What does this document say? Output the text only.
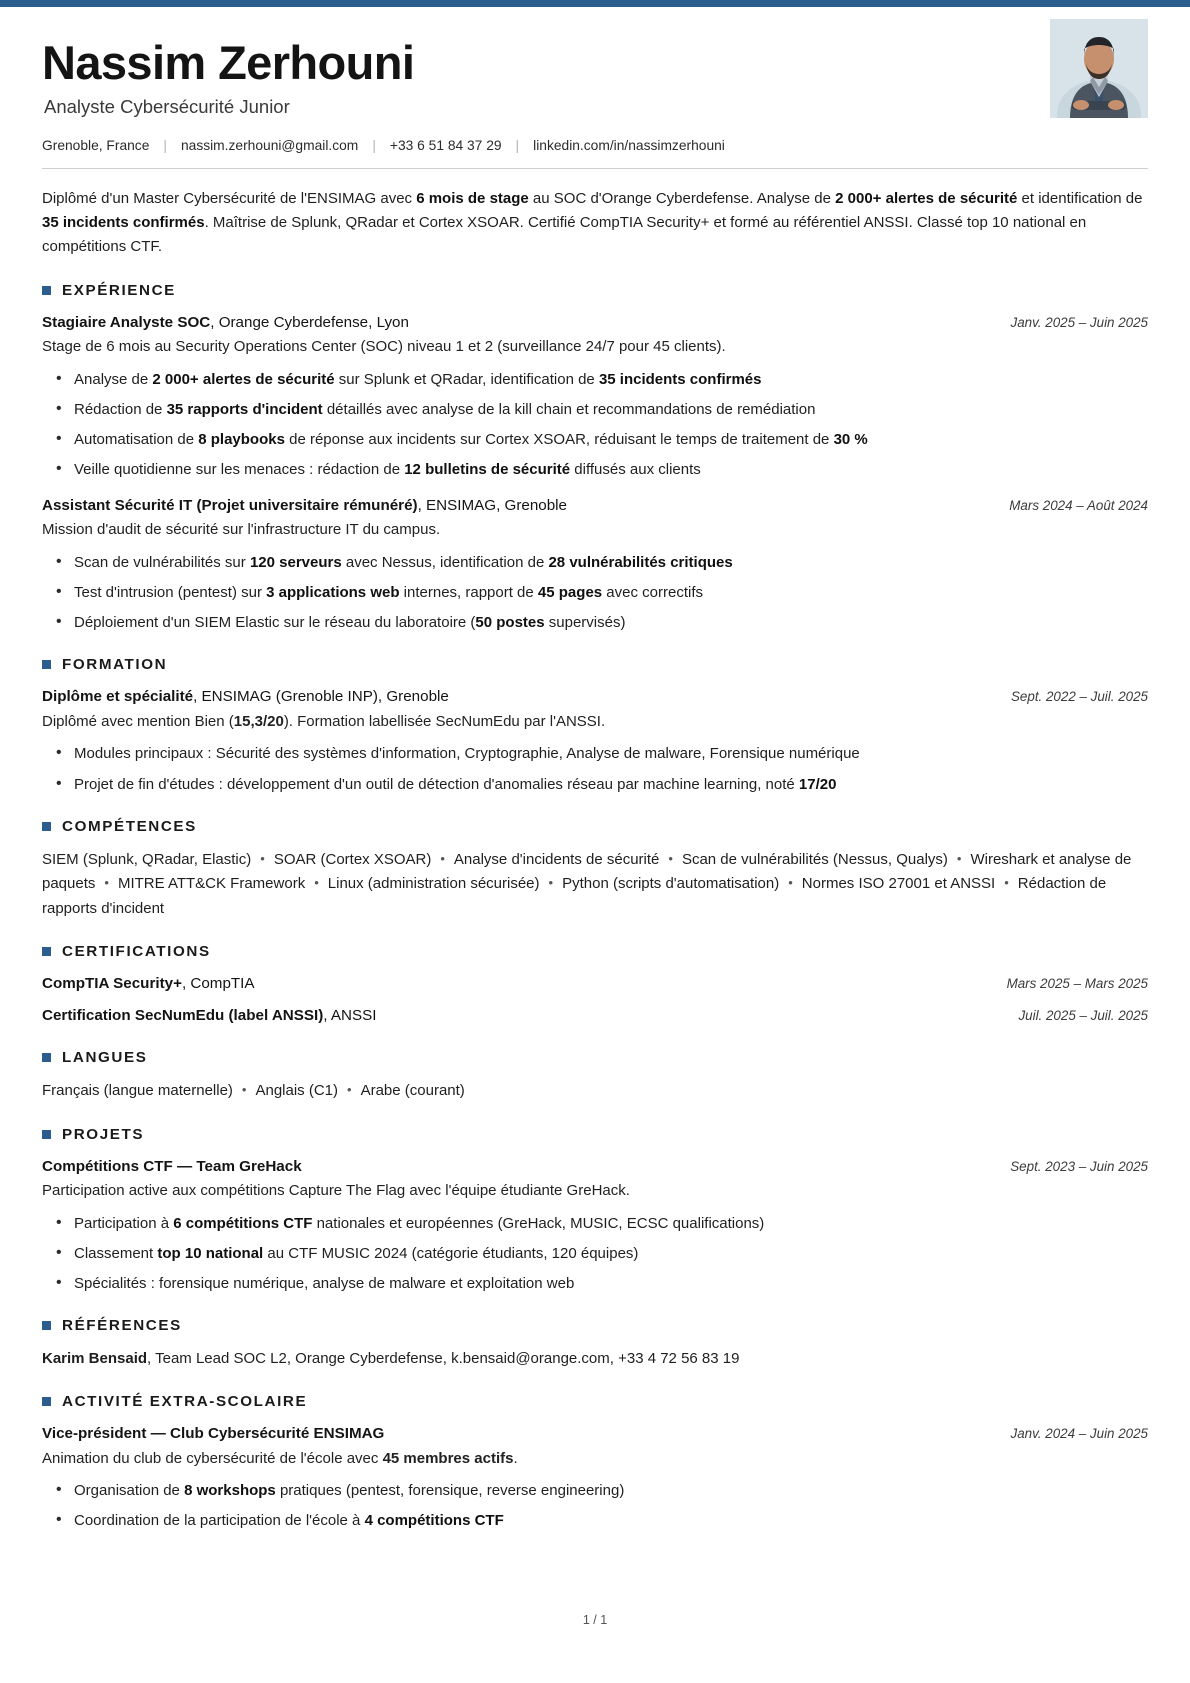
Nassim Zerhouni
Analyste Cybersécurité Junior
Grenoble, France | nassim.zerhouni@gmail.com | +33 6 51 84 37 29 | linkedin.com/in/nassimzerhouni
Diplômé d'un Master Cybersécurité de l'ENSIMAG avec 6 mois de stage au SOC d'Orange Cyberdefense. Analyse de 2 000+ alertes de sécurité et identification de 35 incidents confirmés. Maîtrise de Splunk, QRadar et Cortex XSOAR. Certifié CompTIA Security+ et formé au référentiel ANSSI. Classé top 10 national en compétitions CTF.
EXPÉRIENCE
Stagiaire Analyste SOC, Orange Cyberdefense, Lyon	Janv. 2025 – Juin 2025
Stage de 6 mois au Security Operations Center (SOC) niveau 1 et 2 (surveillance 24/7 pour 45 clients).
• Analyse de 2 000+ alertes de sécurité sur Splunk et QRadar, identification de 35 incidents confirmés
• Rédaction de 35 rapports d'incident détaillés avec analyse de la kill chain et recommandations de remédiation
• Automatisation de 8 playbooks de réponse aux incidents sur Cortex XSOAR, réduisant le temps de traitement de 30 %
• Veille quotidienne sur les menaces : rédaction de 12 bulletins de sécurité diffusés aux clients
Assistant Sécurité IT (Projet universitaire rémunéré), ENSIMAG, Grenoble	Mars 2024 – Août 2024
Mission d'audit de sécurité sur l'infrastructure IT du campus.
• Scan de vulnérabilités sur 120 serveurs avec Nessus, identification de 28 vulnérabilités critiques
• Test d'intrusion (pentest) sur 3 applications web internes, rapport de 45 pages avec correctifs
• Déploiement d'un SIEM Elastic sur le réseau du laboratoire (50 postes supervisés)
FORMATION
Diplôme et spécialité, ENSIMAG (Grenoble INP), Grenoble	Sept. 2022 – Juil. 2025
Diplômé avec mention Bien (15,3/20). Formation labellisée SecNumEdu par l'ANSSI.
• Modules principaux : Sécurité des systèmes d'information, Cryptographie, Analyse de malware, Forensique numérique
• Projet de fin d'études : développement d'un outil de détection d'anomalies réseau par machine learning, noté 17/20
COMPÉTENCES
SIEM (Splunk, QRadar, Elastic) • SOAR (Cortex XSOAR) • Analyse d'incidents de sécurité • Scan de vulnérabilités (Nessus, Qualys) • Wireshark et analyse de paquets • MITRE ATT&CK Framework • Linux (administration sécurisée) • Python (scripts d'automatisation) • Normes ISO 27001 et ANSSI • Rédaction de rapports d'incident
CERTIFICATIONS
CompTIA Security+, CompTIA	Mars 2025 – Mars 2025
Certification SecNumEdu (label ANSSI), ANSSI	Juil. 2025 – Juil. 2025
LANGUES
Français (langue maternelle) • Anglais (C1) • Arabe (courant)
PROJETS
Compétitions CTF — Team GreHack	Sept. 2023 – Juin 2025
Participation active aux compétitions Capture The Flag avec l'équipe étudiante GreHack.
• Participation à 6 compétitions CTF nationales et européennes (GreHack, MUSIC, ECSC qualifications)
• Classement top 10 national au CTF MUSIC 2024 (catégorie étudiants, 120 équipes)
• Spécialités : forensique numérique, analyse de malware et exploitation web
RÉFÉRENCES
Karim Bensaid, Team Lead SOC L2, Orange Cyberdefense, k.bensaid@orange.com, +33 4 72 56 83 19
ACTIVITÉ EXTRA-SCOLAIRE
Vice-président — Club Cybersécurité ENSIMAG	Janv. 2024 – Juin 2025
Animation du club de cybersécurité de l'école avec 45 membres actifs.
• Organisation de 8 workshops pratiques (pentest, forensique, reverse engineering)
• Coordination de la participation de l'école à 4 compétitions CTF
1 / 1
